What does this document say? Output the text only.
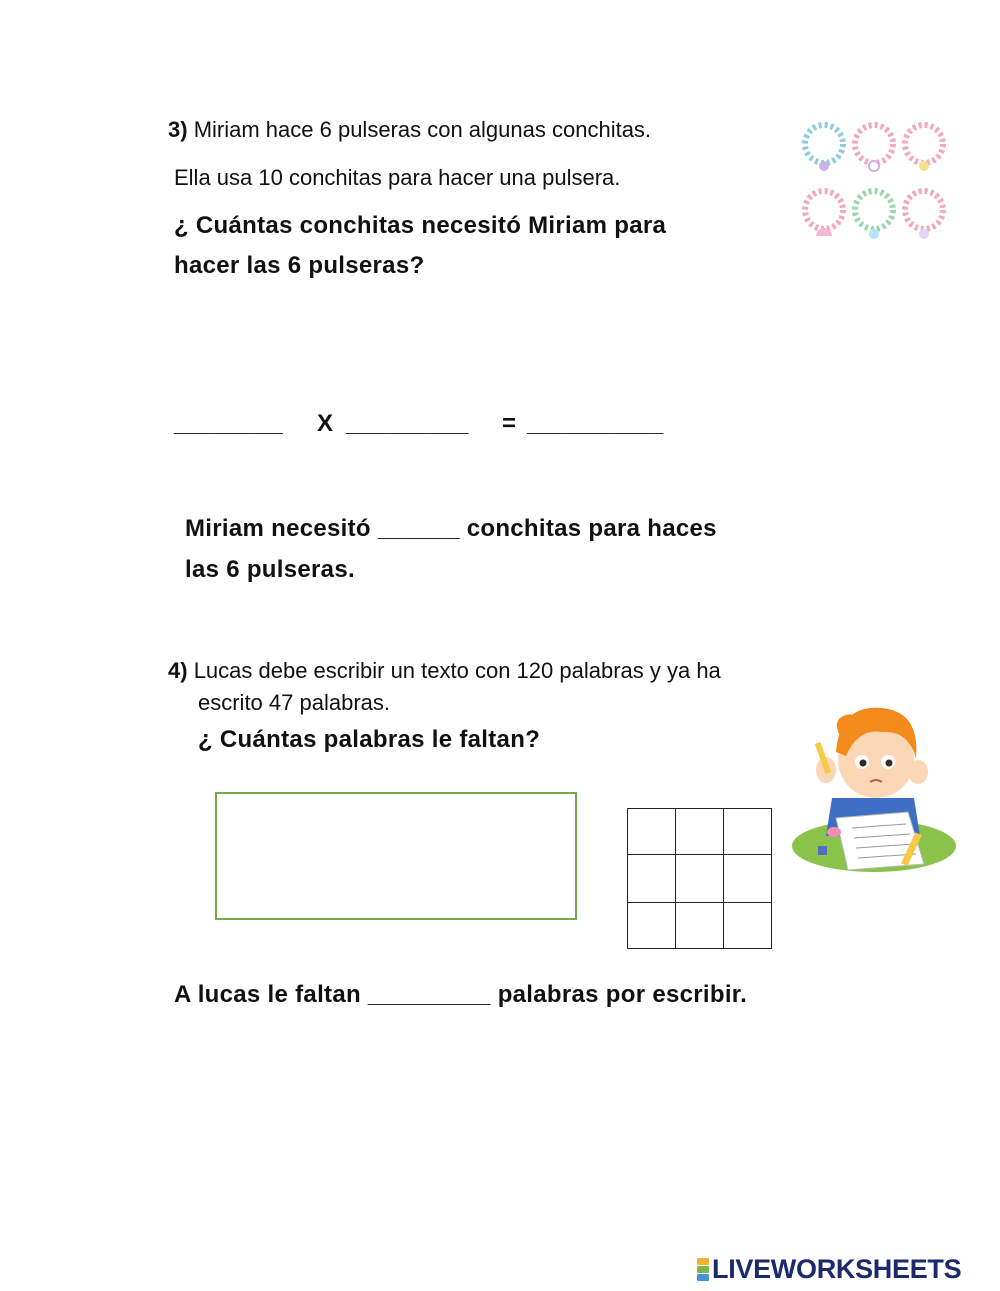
3) Miriam hace 6 pulseras con algunas conchitas.
Ella usa 10 conchitas para hacer una pulsera.
¿ Cuántas conchitas necesitó Miriam para
hacer las 6 pulseras?
________ X _________ = __________
Miriam necesitó ______ conchitas para haces
las 6 pulseras.
4) Lucas debe escribir un texto con 120 palabras y ya ha
escrito 47 palabras.
¿ Cuántas palabras le faltan?
A lucas le faltan _________ palabras por escribir.
LIVEWORKSHEETS
